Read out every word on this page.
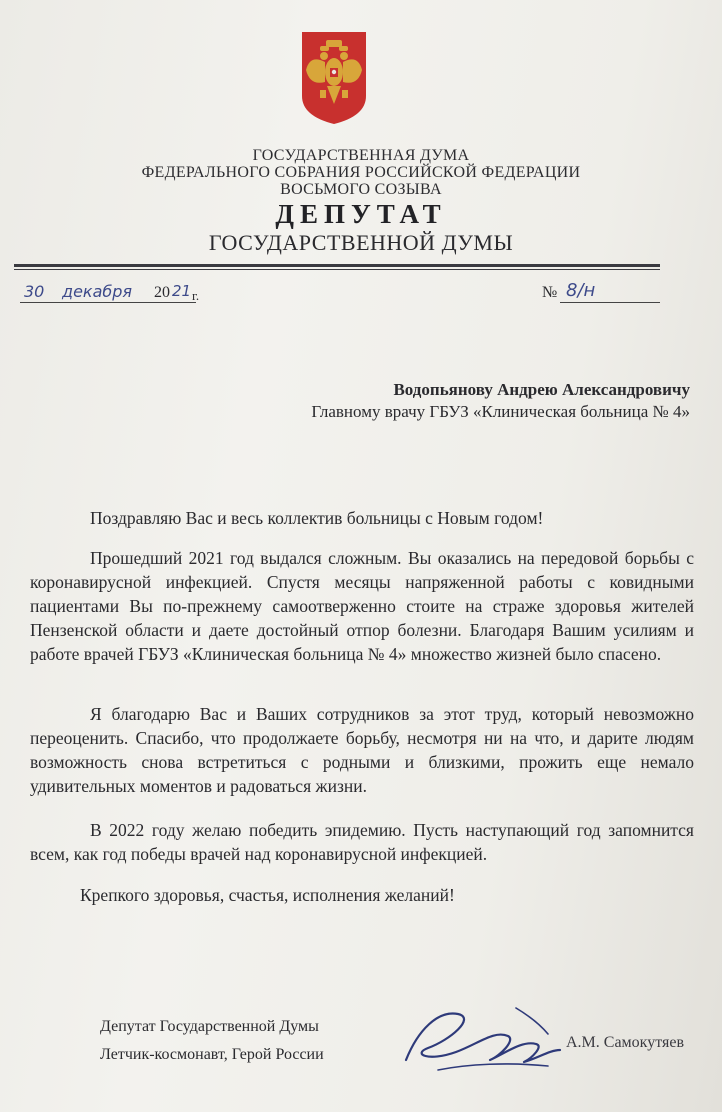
ГОСУДАРСТВЕННАЯ ДУМА
ФЕДЕРАЛЬНОГО СОБРАНИЯ РОССИЙСКОЙ ФЕДЕРАЦИИ
ВОСЬМОГО СОЗЫВА
ДЕПУТАТ
ГОСУДАРСТВЕННОЙ ДУМЫ
30 декабря 20 21 г.	№ 8/н
Водопьянову Андрею Александровичу
Главному врачу ГБУЗ «Клиническая больница № 4»

Поздравляю Вас и весь коллектив больницы с Новым годом!

Прошедший 2021 год выдался сложным. Вы оказались на передовой борьбы с коронавирусной инфекцией. Спустя месяцы напряженной работы с ковидными пациентами Вы по-прежнему самоотверженно стоите на страже здоровья жителей Пензенской области и даете достойный отпор болезни. Благодаря Вашим усилиям и работе врачей ГБУЗ «Клиническая больница № 4» множество жизней было спасено.

Я благодарю Вас и Ваших сотрудников за этот труд, который невозможно переоценить. Спасибо, что продолжаете борьбу, несмотря ни на что, и дарите людям возможность снова встретиться с родными и близкими, прожить еще немало удивительных моментов и радоваться жизни.

В 2022 году желаю победить эпидемию. Пусть наступающий год запомнится всем, как год победы врачей над коронавирусной инфекцией.

Крепкого здоровья, счастья, исполнения желаний!

Депутат Государственной Думы
Летчик-космонавт, Герой России
А.М. Самокутяев
